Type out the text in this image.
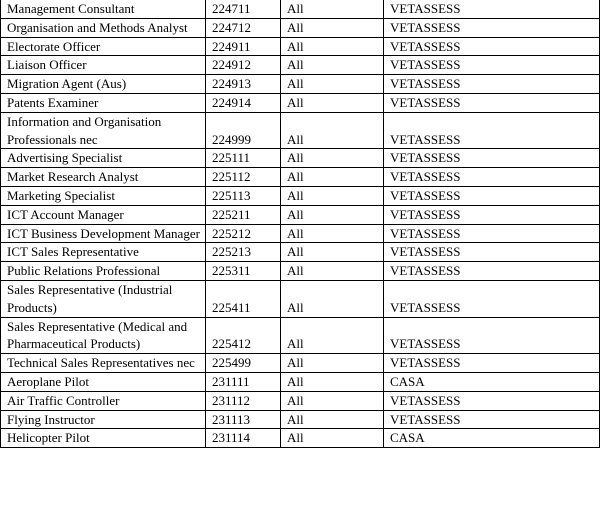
Management Consultant	224711	All	VETASSESS
Organisation and Methods Analyst	224712	All	VETASSESS
Electorate Officer	224911	All	VETASSESS
Liaison Officer	224912	All	VETASSESS
Migration Agent (Aus)	224913	All	VETASSESS
Patents Examiner	224914	All	VETASSESS
Information and Organisation Professionals nec	224999	All	VETASSESS
Advertising Specialist	225111	All	VETASSESS
Market Research Analyst	225112	All	VETASSESS
Marketing Specialist	225113	All	VETASSESS
ICT Account Manager	225211	All	VETASSESS
ICT Business Development Manager	225212	All	VETASSESS
ICT Sales Representative	225213	All	VETASSESS
Public Relations Professional	225311	All	VETASSESS
Sales Representative (Industrial Products)	225411	All	VETASSESS
Sales Representative (Medical and Pharmaceutical Products)	225412	All	VETASSESS
Technical Sales Representatives nec	225499	All	VETASSESS
Aeroplane Pilot	231111	All	CASA
Air Traffic Controller	231112	All	VETASSESS
Flying Instructor	231113	All	VETASSESS
Helicopter Pilot	231114	All	CASA
